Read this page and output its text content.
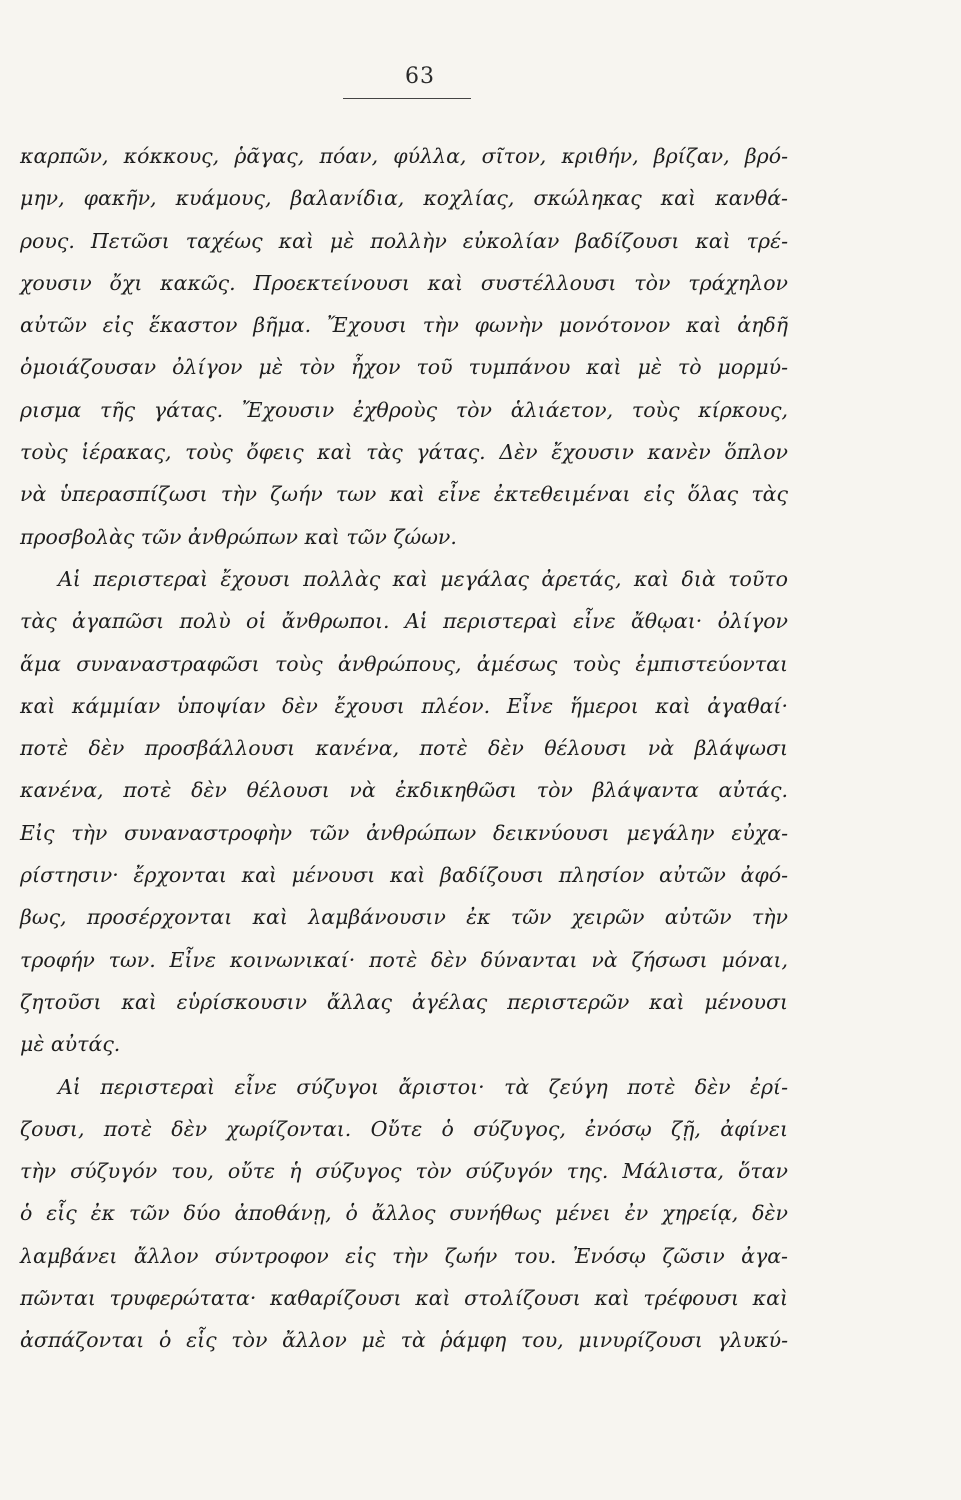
63
καρπῶν, κόκκους, ῥᾶγας, πόαν, φύλλα, σῖτον, κριθήν, βρίζαν, βρό-
μην, φακῆν, κυάμους, βαλανίδια, κοχλίας, σκώληκας καὶ κανθά-
ρους. Πετῶσι ταχέως καὶ μὲ πολλὴν εὐκολίαν βαδίζουσι καὶ τρέ-
χουσιν ὄχι κακῶς. Προεκτείνουσι καὶ συστέλλουσι τὸν τράχηλον
αὐτῶν εἰς ἕκαστον βῆμα. Ἔχουσι τὴν φωνὴν μονότονον καὶ ἀηδῆ
ὁμοιάζουσαν ὀλίγον μὲ τὸν ἦχον τοῦ τυμπάνου καὶ μὲ τὸ μορμύ-
ρισμα τῆς γάτας. Ἔχουσιν ἐχθροὺς τὸν ἁλιάετον, τοὺς κίρκους,
τοὺς ἱέρακας, τοὺς ὄφεις καὶ τὰς γάτας. Δὲν ἔχουσιν κανὲν ὅπλον
νὰ ὑπερασπίζωσι τὴν ζωήν των καὶ εἶνε ἐκτεθειμέναι εἰς ὅλας τὰς
προσβολὰς τῶν ἀνθρώπων καὶ τῶν ζώων.
Αἱ περιστεραὶ ἔχουσι πολλὰς καὶ μεγάλας ἀρετάς, καὶ διὰ τοῦτο
τὰς ἀγαπῶσι πολὺ οἱ ἄνθρωποι. Αἱ περιστεραὶ εἶνε ἄθῳαι· ὀλίγον
ἅμα συναναστραφῶσι τοὺς ἀνθρώπους, ἀμέσως τοὺς ἐμπιστεύονται
καὶ κάμμίαν ὑποψίαν δὲν ἔχουσι πλέον. Εἶνε ἥμεροι καὶ ἀγαθαί·
ποτὲ δὲν προσβάλλουσι κανένα, ποτὲ δὲν θέλουσι νὰ βλάψωσι
κανένα, ποτὲ δὲν θέλουσι νὰ ἐκδικηθῶσι τὸν βλάψαντα αὐτάς.
Εἰς τὴν συναναστροφὴν τῶν ἀνθρώπων δεικνύουσι μεγάλην εὐχα-
ρίστησιν· ἔρχονται καὶ μένουσι καὶ βαδίζουσι πλησίον αὐτῶν ἀφό-
βως, προσέρχονται καὶ λαμβάνουσιν ἐκ τῶν χειρῶν αὐτῶν τὴν
τροφήν των. Εἶνε κοινωνικαί· ποτὲ δὲν δύνανται νὰ ζήσωσι μόναι,
ζητοῦσι καὶ εὑρίσκουσιν ἄλλας ἀγέλας περιστερῶν καὶ μένουσι
μὲ αὐτάς.
Αἱ περιστεραὶ εἶνε σύζυγοι ἄριστοι· τὰ ζεύγη ποτὲ δὲν ἐρί-
ζουσι, ποτὲ δὲν χωρίζονται. Οὔτε ὁ σύζυγος, ἐνόσῳ ζῇ, ἀφίνει
τὴν σύζυγόν του, οὔτε ἡ σύζυγος τὸν σύζυγόν της. Μάλιστα, ὅταν
ὁ εἷς ἐκ τῶν δύο ἀποθάνῃ, ὁ ἄλλος συνήθως μένει ἐν χηρείᾳ, δὲν
λαμβάνει ἄλλον σύντροφον εἰς τὴν ζωήν του. Ἐνόσῳ ζῶσιν ἀγα-
πῶνται τρυφερώτατα· καθαρίζουσι καὶ στολίζουσι καὶ τρέφουσι καὶ
ἀσπάζονται ὁ εἷς τὸν ἄλλον μὲ τὰ ῥάμφη του, μινυρίζουσι γλυκύ-
